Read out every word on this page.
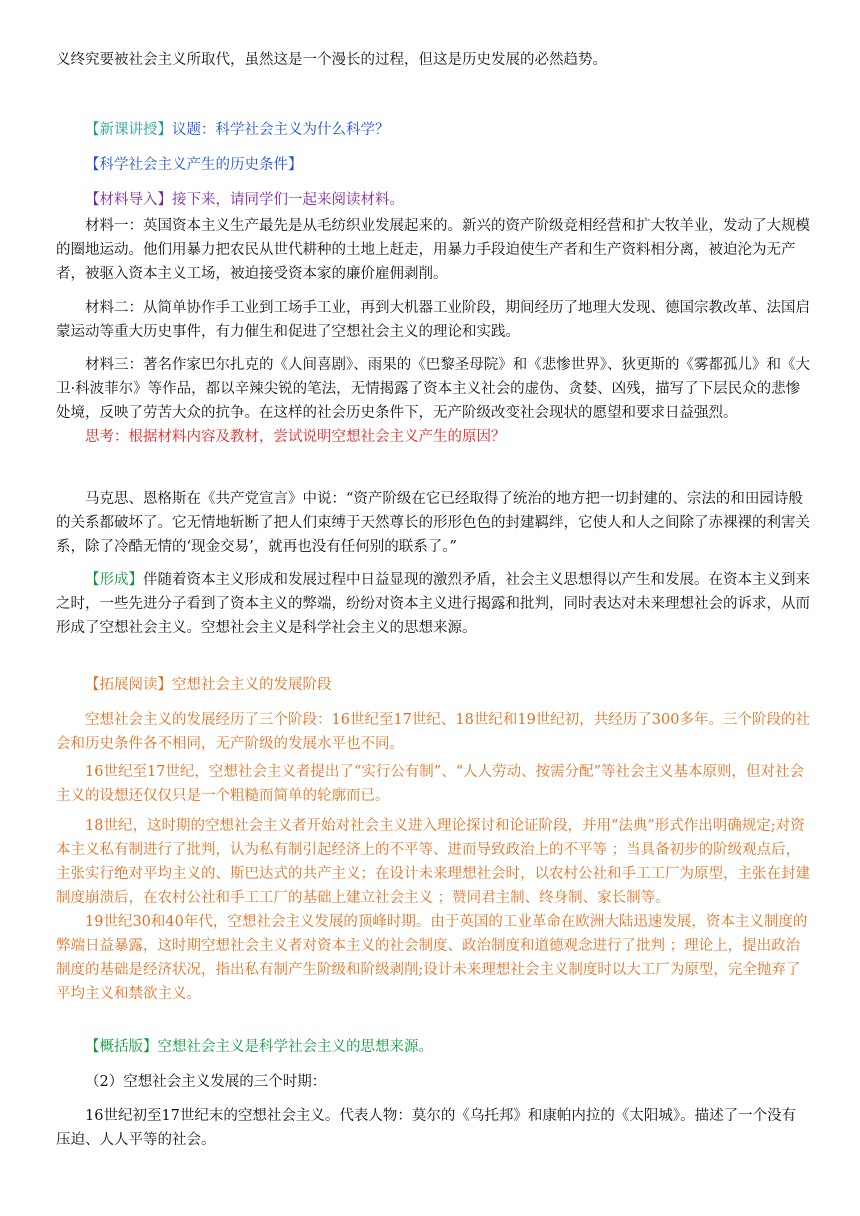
义终究要被社会主义所取代，虽然这是一个漫长的过程，但这是历史发展的必然趋势。

【新课讲授】议题：科学社会主义为什么科学？

【科学社会主义产生的历史条件】

【材料导入】接下来，请同学们一起来阅读材料。

材料一：英国资本主义生产最先是从毛纺织业发展起来的。新兴的资产阶级竞相经营和扩大牧羊业，发动了大规模的圈地运动。他们用暴力把农民从世代耕种的土地上赶走，用暴力手段迫使生产者和生产资料相分离，被迫沦为无产者，被驱入资本主义工场，被迫接受资本家的廉价雇佣剥削。

材料二：从简单协作手工业到工场手工业，再到大机器工业阶段，期间经历了地理大发现、德国宗教改革、法国启蒙运动等重大历史事件，有力催生和促进了空想社会主义的理论和实践。

材料三：著名作家巴尔扎克的《人间喜剧》、雨果的《巴黎圣母院》和《悲惨世界》、狄更斯的《雾都孤儿》和《大卫·科波菲尔》等作品，都以辛辣尖锐的笔法，无情揭露了资本主义社会的虚伪、贪婪、凶残，描写了下层民众的悲惨处境，反映了劳苦大众的抗争。在这样的社会历史条件下，无产阶级改变社会现状的愿望和要求日益强烈。

思考：根据材料内容及教材，尝试说明空想社会主义产生的原因？

马克思、恩格斯在《共产党宣言》中说：“资产阶级在它已经取得了统治的地方把一切封建的、宗法的和田园诗般的关系都破坏了。它无情地斩断了把人们束缚于天然尊长的形形色色的封建羁绊，它使人和人之间除了赤裸裸的利害关系，除了冷酷无情的‘现金交易’，就再也没有任何别的联系了。”

【形成】伴随着资本主义形成和发展过程中日益显现的激烈矛盾，社会主义思想得以产生和发展。在资本主义到来之时，一些先进分子看到了资本主义的弊端，纷纷对资本主义进行揭露和批判，同时表达对未来理想社会的诉求，从而形成了空想社会主义。空想社会主义是科学社会主义的思想来源。

【拓展阅读】空想社会主义的发展阶段

空想社会主义的发展经历了三个阶段：16世纪至17世纪、18世纪和19世纪初，共经历了300多年。三个阶段的社会和历史条件各不相同，无产阶级的发展水平也不同。

16世纪至17世纪，空想社会主义者提出了“实行公有制”、“人人劳动、按需分配”等社会主义基本原则，但对社会主义的设想还仅仅只是一个粗糙而简单的轮廓而已。

18世纪，这时期的空想社会主义者开始对社会主义进入理论探讨和论证阶段，并用“法典”形式作出明确规定;对资本主义私有制进行了批判，认为私有制引起经济上的不平等、进而导致政治上的不平等 ；当具备初步的阶级观点后，主张实行绝对平均主义的、斯巴达式的共产主义；在设计未来理想社会时，以农村公社和手工工厂为原型，主张在封建制度崩溃后，在农村公社和手工工厂的基础上建立社会主义 ；赞同君主制、终身制、家长制等。

19世纪30和40年代，空想社会主义发展的顶峰时期。由于英国的工业革命在欧洲大陆迅速发展，资本主义制度的弊端日益暴露，这时期空想社会主义者对资本主义的社会制度、政治制度和道德观念进行了批判 ；理论上，提出政治制度的基础是经济状况，指出私有制产生阶级和阶级剥削;设计未来理想社会主义制度时以大工厂为原型，完全抛弃了平均主义和禁欲主义。

【概括版】空想社会主义是科学社会主义的思想来源。

（2）空想社会主义发展的三个时期：

16世纪初至17世纪末的空想社会主义。代表人物：莫尔的《乌托邦》和康帕内拉的《太阳城》。描述了一个没有压迫、人人平等的社会。
